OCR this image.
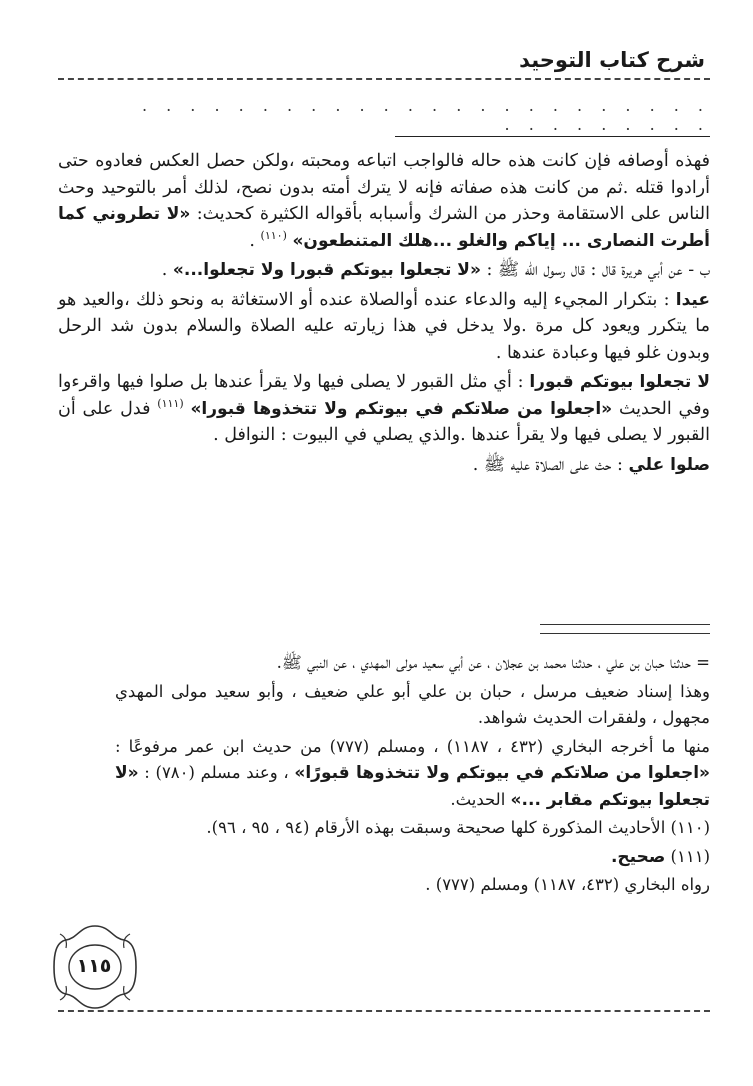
شرح كتاب التوحيد
. . . . . . . . . . . . . . . . . . . . . . . . . . . . . . . . .

فهذه أوصافه فإن كانت هذه حاله فالواجب اتباعه ومحبته ،ولكن حصل العكس فعادوه حتى أرادوا قتله .ثم من كانت هذه صفاته فإنه لا يترك أمته بدون نصح، لذلك أمر بالتوحيد وحث الناس على الاستقامة وحذر من الشرك وأسبابه بأقواله الكثيرة كحديث: «لا تطروني كما أطرت النصارى ... إياكم والغلو ...هلك المتنطعون» $^{(١١٠)}$ .

ب - عن أبي هريرة قال : قال رسول الله ﷺ : «لا تجعلوا بيوتكم قبورا ولا تجعلوا...» .

عيدا : بتكرار المجيء إليه والدعاء عنده أوالصلاة عنده أو الاستغاثة به ونحو ذلك ،والعيد هو ما يتكرر ويعود كل مرة .ولا يدخل في هذا زيارته عليه الصلاة والسلام بدون شد الرحل وبدون غلو فيها وعبادة عندها .

لا تجعلوا بيوتكم قبورا : أي مثل القبور لا يصلى فيها ولا يقرأ عندها بل صلوا فيها واقرءوا وفي الحديث «اجعلوا من صلاتكم في بيوتكم ولا تتخذوها قبورا» $^{(١١١)}$ فدل على أن القبور لا يصلى فيها ولا يقرأ عندها .والذي يصلي في البيوت : النوافل .

صلوا علي : حث على الصلاة عليه ﷺ .

= حدثنا حبان بن علي ، حدثنا محمد بن عجلان ، عن أبي سعيد مولى المهدي ، عن النبي ﷺ.

وهذا إسناد ضعيف مرسل ، حبان بن علي أبو علي ضعيف ، وأبو سعيد مولى المهدي مجهول ، ولفقرات الحديث شواهد.

منها ما أخرجه البخاري (٤٣٢ ، ١١٨٧) ، ومسلم (٧٧٧) من حديث ابن عمر مرفوعًا : «اجعلوا من صلاتكم في بيوتكم ولا تتخذوها قبورًا» ، وعند مسلم (٧٨٠) : «لا تجعلوا بيوتكم مقابر ...» الحديث.

(١١٠) الأحاديث المذكورة كلها صحيحة وسبقت بهذه الأرقام (٩٤ ، ٩٥ ، ٩٦).

(١١١) صحيح.

رواه البخاري (٤٣٢، ١١٨٧) ومسلم (٧٧٧) .

١١٥
